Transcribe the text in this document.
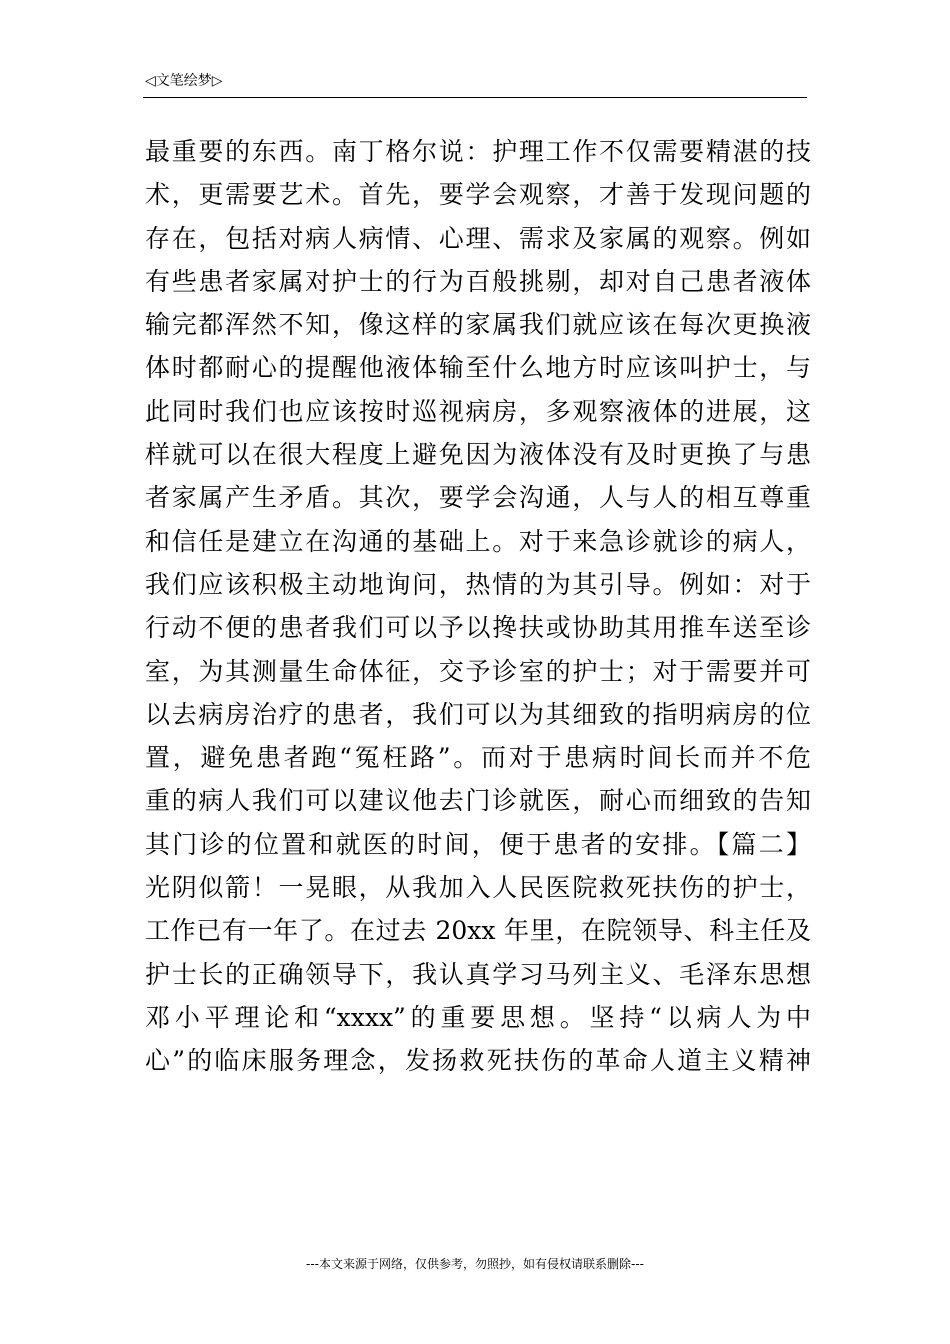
◁文笔绘梦▷
最重要的东西。南丁格尔说：护理工作不仅需要精湛的技
术，更需要艺术。首先，要学会观察，才善于发现问题的
存在，包括对病人病情、心理、需求及家属的观察。例如
有些患者家属对护士的行为百般挑剔，却对自己患者液体
输完都浑然不知，像这样的家属我们就应该在每次更换液
体时都耐心的提醒他液体输至什么地方时应该叫护士，与
此同时我们也应该按时巡视病房，多观察液体的进展，这
样就可以在很大程度上避免因为液体没有及时更换了与患
者家属产生矛盾。其次，要学会沟通，人与人的相互尊重
和信任是建立在沟通的基础上。对于来急诊就诊的病人，
我们应该积极主动地询问，热情的为其引导。例如：对于
行动不便的患者我们可以予以搀扶或协助其用推车送至诊
室，为其测量生命体征，交予诊室的护士；对于需要并可
以去病房治疗的患者，我们可以为其细致的指明病房的位
置，避免患者跑“冤枉路”。而对于患病时间长而并不危
重的病人我们可以建议他去门诊就医，耐心而细致的告知
其门诊的位置和就医的时间，便于患者的安排。【篇二】
光阴似箭！一晃眼，从我加入人民医院救死扶伤的护士，
工作已有一年了。在过去 20xx 年里，在院领导、科主任及
护士长的正确领导下，我认真学习马列主义、毛泽东思想
邓小平理论和“xxxx”的重要思想。坚持“以病人为中
心”的临床服务理念，发扬救死扶伤的革命人道主义精神
---本文来源于网络，仅供参考，勿照抄，如有侵权请联系删除---
